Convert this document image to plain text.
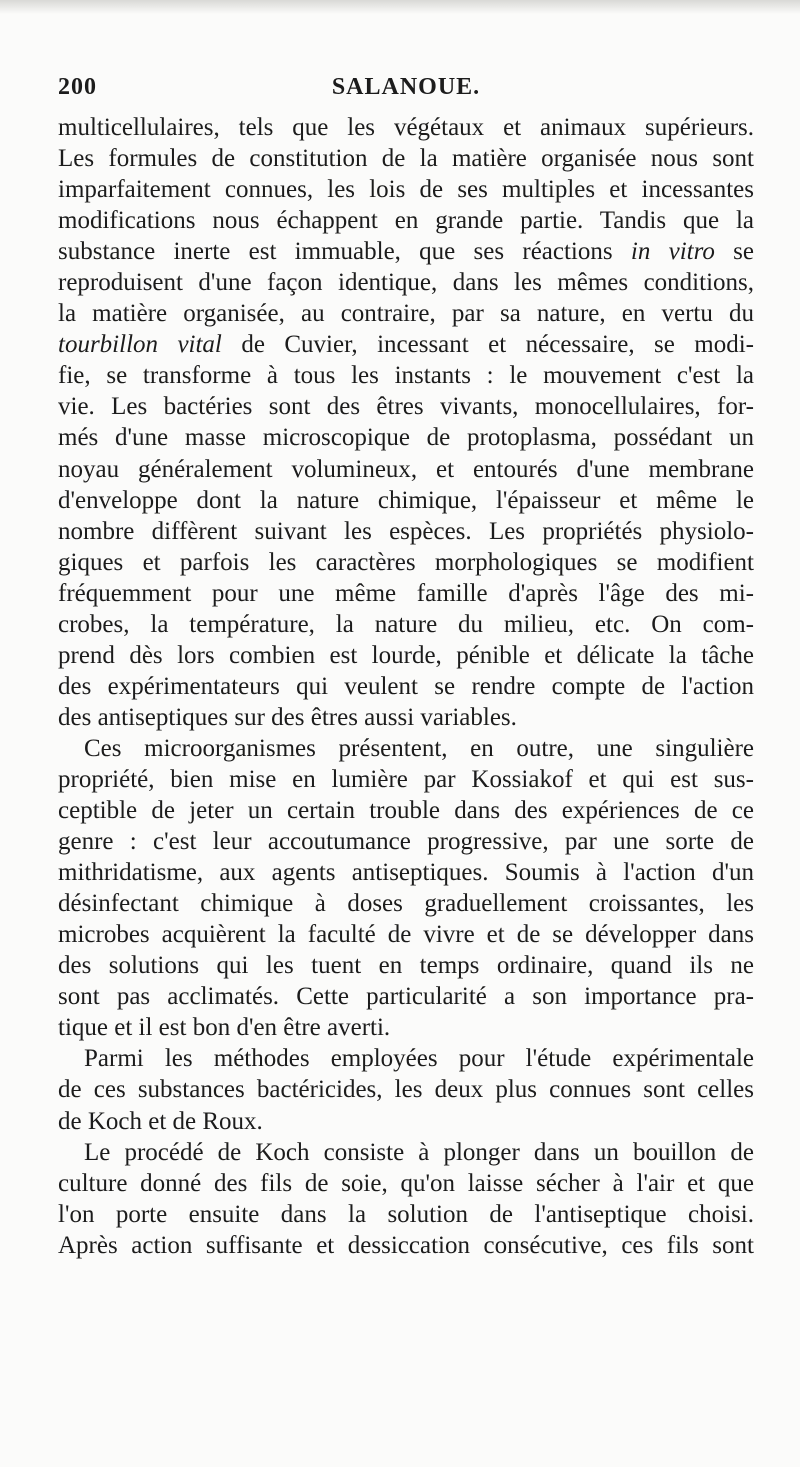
200	SALANOUE.
multicellulaires, tels que les végétaux et animaux supérieurs.
Les formules de constitution de la matière organisée nous sont
imparfaitement connues, les lois de ses multiples et incessantes
modifications nous échappent en grande partie. Tandis que la
substance inerte est immuable, que ses réactions in vitro se
reproduisent d'une façon identique, dans les mêmes conditions,
la matière organisée, au contraire, par sa nature, en vertu du
tourbillon vital de Cuvier, incessant et nécessaire, se modi-
fie, se transforme à tous les instants : le mouvement c'est la
vie. Les bactéries sont des êtres vivants, monocellulaires, for-
més d'une masse microscopique de protoplasma, possédant un
noyau généralement volumineux, et entourés d'une membrane
d'enveloppe dont la nature chimique, l'épaisseur et même le
nombre diffèrent suivant les espèces. Les propriétés physiolo-
giques et parfois les caractères morphologiques se modifient
fréquemment pour une même famille d'après l'âge des mi-
crobes, la température, la nature du milieu, etc. On com-
prend dès lors combien est lourde, pénible et délicate la tâche
des expérimentateurs qui veulent se rendre compte de l'action
des antiseptiques sur des êtres aussi variables.
Ces microorganismes présentent, en outre, une singulière
propriété, bien mise en lumière par Kossiakof et qui est sus-
ceptible de jeter un certain trouble dans des expériences de ce
genre : c'est leur accoutumance progressive, par une sorte de
mithridatisme, aux agents antiseptiques. Soumis à l'action d'un
désinfectant chimique à doses graduellement croissantes, les
microbes acquièrent la faculté de vivre et de se développer dans
des solutions qui les tuent en temps ordinaire, quand ils ne
sont pas acclimatés. Cette particularité a son importance pra-
tique et il est bon d'en être averti.
Parmi les méthodes employées pour l'étude expérimentale
de ces substances bactéricides, les deux plus connues sont celles
de Koch et de Roux.
Le procédé de Koch consiste à plonger dans un bouillon de
culture donné des fils de soie, qu'on laisse sécher à l'air et que
l'on porte ensuite dans la solution de l'antiseptique choisi.
Après action suffisante et dessiccation consécutive, ces fils sont
